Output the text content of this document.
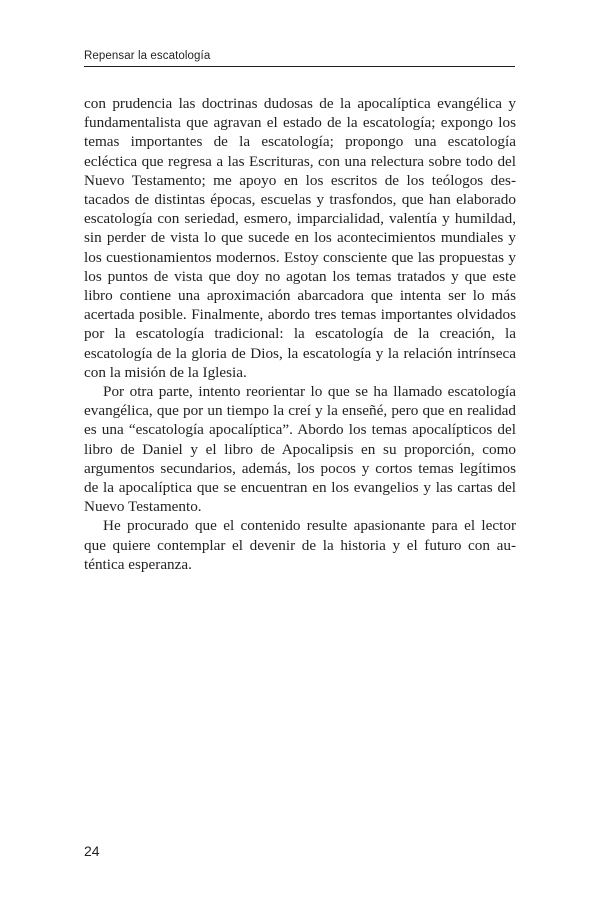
Repensar la escatología

con prudencia las doctrinas dudosas de la apocalíptica evangélica y fundamentalista que agravan el estado de la escatología; expongo los temas importantes de la escatología; propongo una escatología ecléctica que regresa a las Escrituras, con una relectura sobre todo del Nuevo Testamento; me apoyo en los escritos de los teólogos destacados de distintas épocas, escuelas y trasfondos, que han elaborado escatología con seriedad, esmero, imparcialidad, valentía y humildad, sin perder de vista lo que sucede en los acontecimientos mundiales y los cuestionamientos modernos. Estoy consciente que las propuestas y los puntos de vista que doy no agotan los temas tratados y que este libro contiene una aproximación abarcadora que intenta ser lo más acertada posible. Finalmente, abordo tres temas importantes olvidados por la escatología tradicional: la escatología de la creación, la escatología de la gloria de Dios, la escatología y la relación intrínseca con la misión de la Iglesia.

Por otra parte, intento reorientar lo que se ha llamado escatología evangélica, que por un tiempo la creí y la enseñé, pero que en realidad es una “escatología apocalíptica”. Abordo los temas apocalípticos del libro de Daniel y el libro de Apocalipsis en su proporción, como argumentos secundarios, además, los pocos y cortos temas legítimos de la apocalíptica que se encuentran en los evangelios y las cartas del Nuevo Testamento.

He procurado que el contenido resulte apasionante para el lector que quiere contemplar el devenir de la historia y el futuro con auténtica esperanza.

24
